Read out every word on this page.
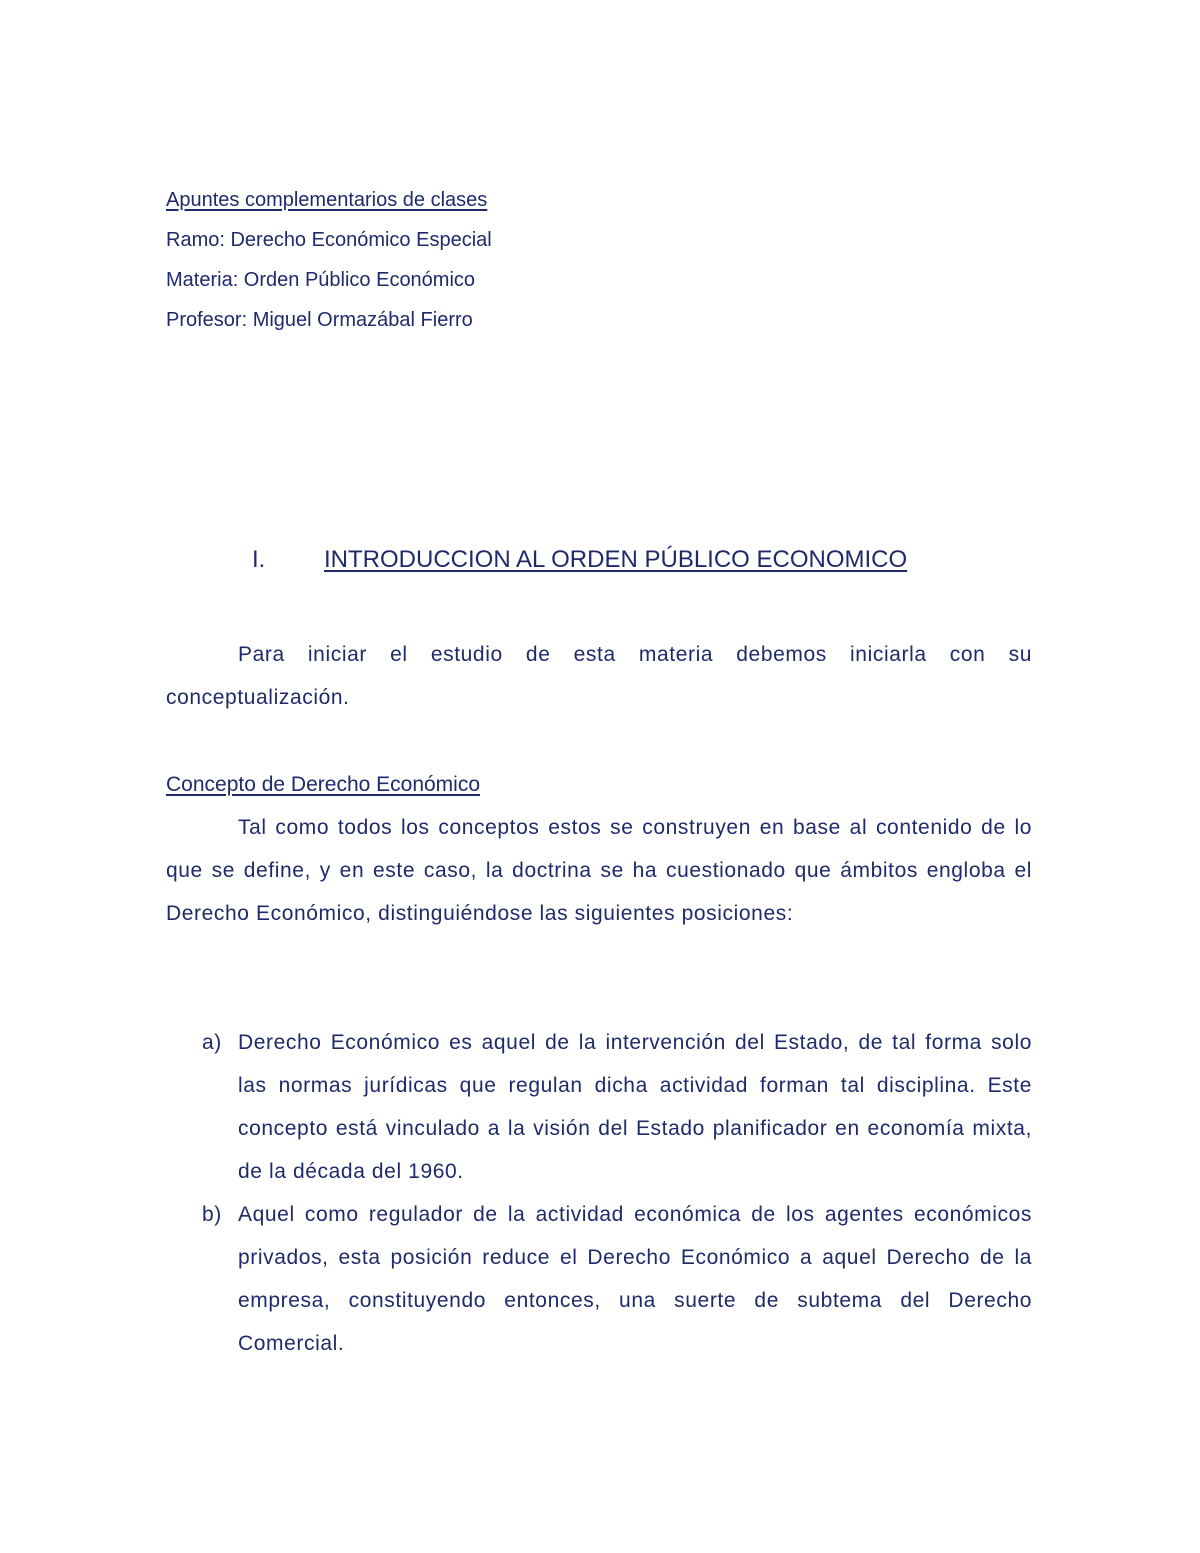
Apuntes complementarios de clases
Ramo: Derecho Económico Especial
Materia: Orden Público Económico
Profesor: Miguel Ormazábal Fierro
I. INTRODUCCION AL ORDEN PÚBLICO ECONOMICO
Para iniciar el estudio de esta materia debemos iniciarla con su conceptualización.
Concepto de Derecho Económico
Tal como todos los conceptos estos se construyen en base al contenido de lo que se define, y en este caso, la doctrina se ha cuestionado que ámbitos engloba el Derecho Económico, distinguiéndose las siguientes posiciones:
a) Derecho Económico es aquel de la intervención del Estado, de tal forma solo las normas jurídicas que regulan dicha actividad forman tal disciplina. Este concepto está vinculado a la visión del Estado planificador en economía mixta, de la década del 1960.
b) Aquel como regulador de la actividad económica de los agentes económicos privados, esta posición reduce el Derecho Económico a aquel Derecho de la empresa, constituyendo entonces, una suerte de subtema del Derecho Comercial.
